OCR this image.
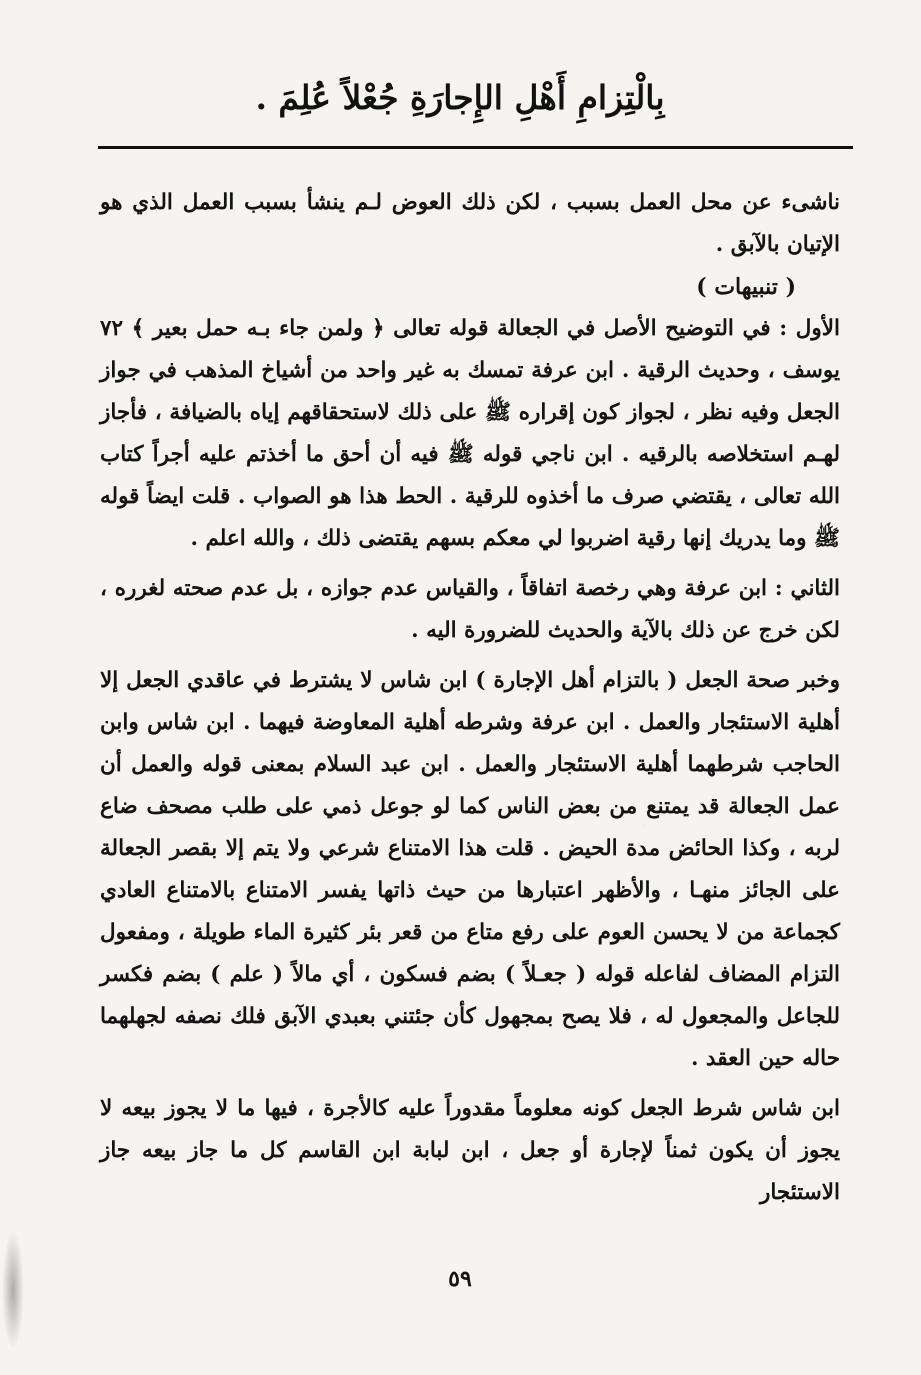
بِالْتِزامِ أَهْلِ الإِجارَةِ جُعْلاً عُلِمَ .

ناشىء عن محل العمل بسبب ، لكن ذلك العوض لـم ينشأ بسبب العمل الذي هو الإتيان بالآبق .

( تنبيهات )

الأول : في التوضيح الأصل في الجعالة قوله تعالى ﴿ ولمن جاء بـه حمل بعير ﴾ ٧٢ يوسف ، وحديث الرقية . ابن عرفة تمسك به غير واحد من أشياخ المذهب في جواز الجعل وفيه نظر ، لجواز كون إقراره ﷺ على ذلك لاستحقاقهم إياه بالضيافة ، فأجاز لهـم استخلاصه بالرقيه . ابن ناجي قوله ﷺ فيه أن أحق ما أخذتم عليه أجراً كتاب الله تعالى ، يقتضي صرف ما أخذوه للرقية . الحط هذا هو الصواب . قلت ايضاً قوله ﷺ وما يدريك إنها رقية اضربوا لي معكم بسهم يقتضى ذلك ، والله اعلم .

الثاني : ابن عرفة وهي رخصة اتفاقاً ، والقياس عدم جوازه ، بل عدم صحته لغرره ، لكن خرج عن ذلك بالآية والحديث للضرورة اليه .

وخبر صحة الجعل ( بالتزام أهل الإجارة ) ابن شاس لا يشترط في عاقدي الجعل إلا أهلية الاستئجار والعمل . ابن عرفة وشرطه أهلية المعاوضة فيهما . ابن شاس وابن الحاجب شرطهما أهلية الاستئجار والعمل . ابن عبد السلام بمعنى قوله والعمل أن عمل الجعالة قد يمتنع من بعض الناس كما لو جوعل ذمي على طلب مصحف ضاع لربه ، وكذا الحائض مدة الحيض . قلت هذا الامتناع شرعي ولا يتم إلا بقصر الجعالة على الجائز منهـا ، والأظهر اعتبارها من حيث ذاتها يفسر الامتناع بالامتناع العادي كجماعة من لا يحسن العوم على رفع متاع من قعر بئر كثيرة الماء طويلة ، ومفعول التزام المضاف لفاعله قوله ( جعـلاً ) بضم فسكون ، أي مالاً ( علم ) بضم فكسر للجاعل والمجعول له ، فلا يصح بمجهول كأن جئتني بعبدي الآبق فلك نصفه لجهلهما حاله حين العقد .

ابن شاس شرط الجعل كونه معلوماً مقدوراً عليه كالأجرة ، فيها ما لا يجوز بيعه لا يجوز أن يكون ثمناً لإجارة أو جعل ، ابن لبابة ابن القاسم كل ما جاز بيعه جاز الاستئجار

٥٩
